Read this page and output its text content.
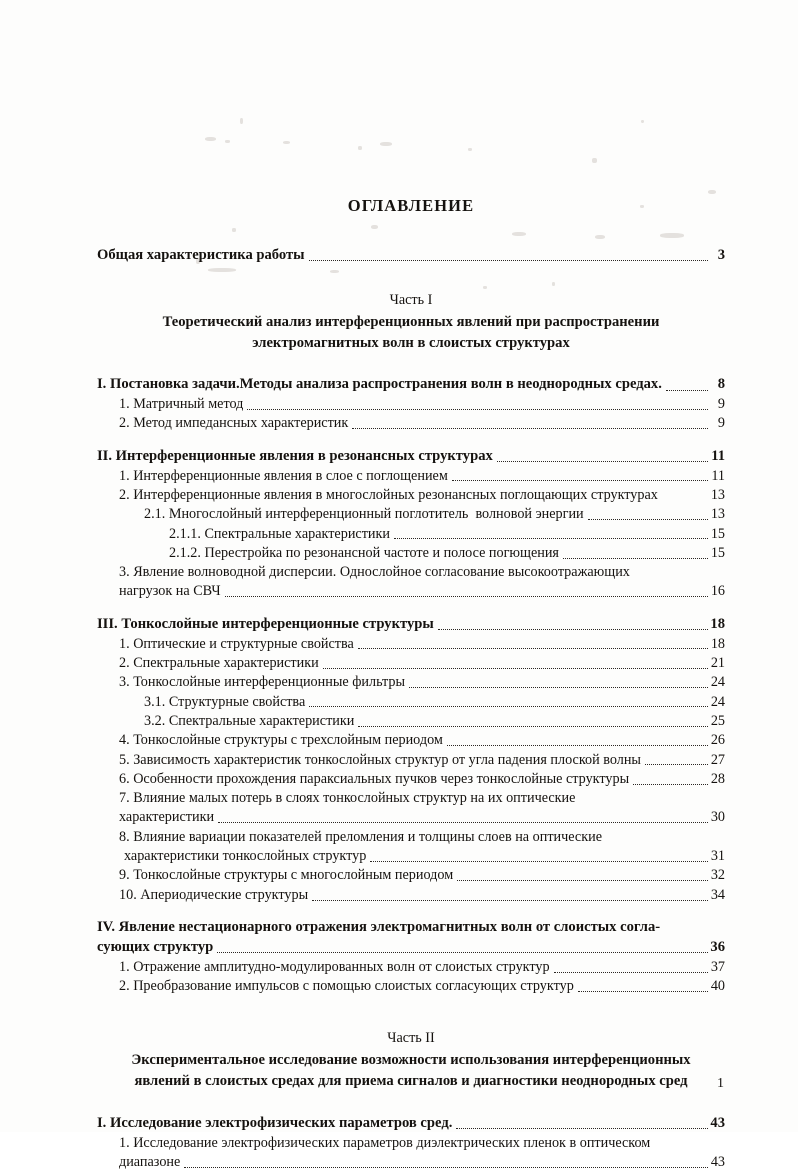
ОГЛАВЛЕНИЕ
Общая характеристика работы	3
Часть I
Теоретический анализ интерференционных явлений при распространении электромагнитных волн в слоистых структурах
I. Постановка задачи.Методы анализа распространения волн в неоднородных средах.	8
1. Матричный метод	9
2. Метод импедансных характеристик	9
II. Интерференционные явления в резонансных структурах	11
1. Интерференционные явления в слое с поглощением	11
2. Интерференционные явления в многослойных резонансных поглощающих структурах	13
2.1. Многослойный интерференционный поглотитель  волновой энергии	13
2.1.1. Спектральные характеристики	15
2.1.2. Перестройка по резонансной частоте и полосе погющения	15
3. Явление волноводной дисперсии. Однослойное согласование высокоотражающих
нагрузок на СВЧ	16
III. Тонкослойные интерференционные структуры	18
1. Оптические и структурные свойства	18
2. Спектральные характеристики	21
3. Тонкослойные интерференционные фильтры	24
3.1. Структурные свойства	24
3.2. Спектральные характеристики	25
4. Тонкослойные структуры с трехслойным периодом	26
5. Зависимость характеристик тонкослойных структур от угла падения плоской волны	27
6. Особенности прохождения параксиальных пучков через тонкослойные структуры	28
7. Влияние малых потерь в слоях тонкослойных структур на их оптические
характеристики	30
8. Влияние вариации показателей преломления и толщины слоев на оптические
характеристики тонкослойных структур	31
9. Тонкослойные структуры с многослойным периодом	32
10. Апериодические структуры	34
IV. Явление нестационарного отражения электромагнитных волн от слоистых согла-
сующих структур	36
1. Отражение амплитудно-модулированных волн от слоистых структур	37
2. Преобразование импульсов с помощью слоистых согласующих структур	40
Часть II
Экспериментальное исследование возможности использования интерференционных явлений в слоистых средах для приема сигналов и диагностики неоднородных сред
I. Исследование электрофизических параметров сред.	43
1. Исследование электрофизических параметров диэлектрических пленок в оптическом
диапазоне	43
1
